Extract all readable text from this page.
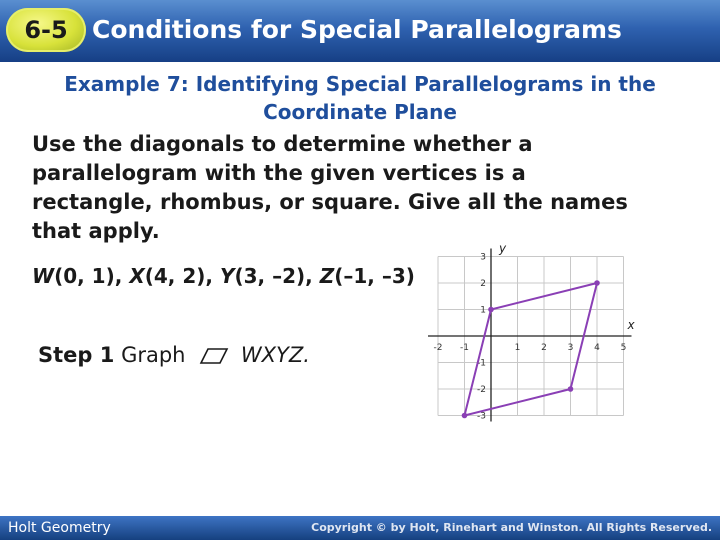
6-5 Conditions for Special Parallelograms
Example 7: Identifying Special Parallelograms in the Coordinate Plane
Use the diagonals to determine whether a parallelogram with the given vertices is a rectangle, rhombus, or square. Give all the names that apply.
W(0, 1), X(4, 2), Y(3, –2), Z(–1, –3)
Step 1 Graph	WXYZ.	-2 -1	1 2 3 4 5
3
2
1
-1
-2
-3
x
y
Holt Geometry	Copyright © by Holt, Rinehart and Winston. All Rights Reserved.
